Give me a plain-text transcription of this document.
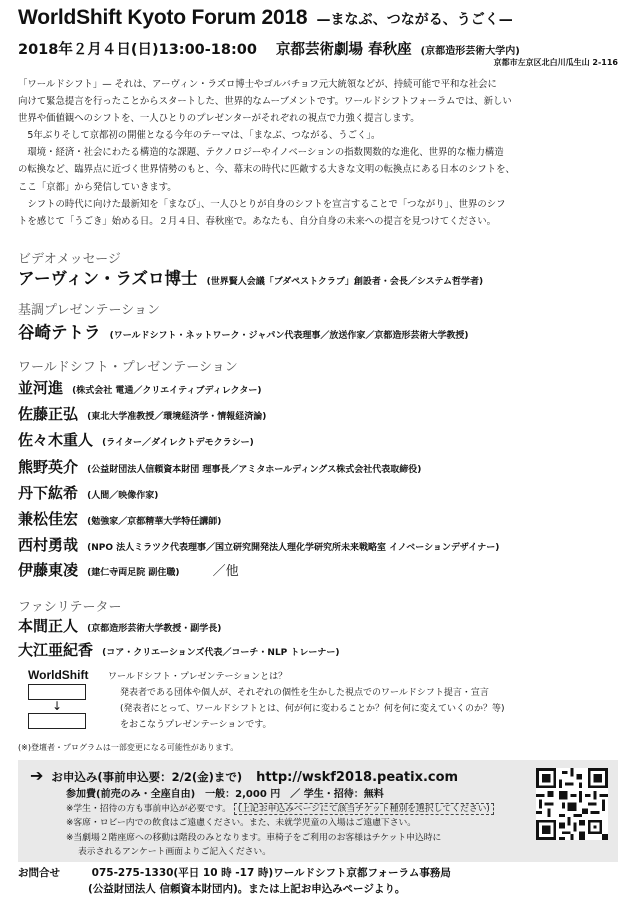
WorldShift Kyoto Forum 2018 —まなぶ、つながる、うごく—
2018年２月４日(日)13:00-18:00 京都芸術劇場 春秋座 (京都造形芸術大学内)
京都市左京区北白川瓜生山 2-116

「ワールドシフト」— それは、アーヴィン・ラズロ博士やゴルバチョフ元大統領などが、持続可能で平和な社会に

向けて緊急提言を行ったことからスタートした、世界的なムーブメントです。ワールドシフトフォーラムでは、新しい

世界や価値観へのシフトを、一人ひとりのプレゼンターがそれぞれの視点で力強く提言します。

5年ぶりそして京都初の開催となる今年のテーマは、「まなぶ、つながる、うごく」。

環境・経済・社会にわたる構造的な課題、テクノロジーやイノベーションの指数関数的な進化、世界的な権力構造

の転換など、臨界点に近づく世界情勢のもと、今、幕末の時代に匹敵する大きな文明の転換点にある日本のシフトを、

ここ「京都」から発信していきます。

シフトの時代に向けた最新知を「まなび」、一人ひとりが自身のシフトを宣言することで「つながり」、世界のシフ

トを感じて「うごき」始める日。２月４日、春秋座で。あなたも、自分自身の未来への提言を見つけてください。

ビデオメッセージ
アーヴィン・ラズロ博士 (世界賢人会議「ブダペストクラブ」創設者・会長／システム哲学者)
基調プレゼンテーション
谷崎テトラ (ワールドシフト・ネットワーク・ジャパン代表理事／放送作家／京都造形芸術大学教授)
ワールドシフト・プレゼンテーション
並河進 (株式会社 電通／クリエイティブディレクター)
佐藤正弘 (東北大学准教授／環境経済学・情報経済論)
佐々木重人 (ライター／ダイレクトデモクラシー)
熊野英介 (公益財団法人信頼資本財団 理事長／アミタホールディングス株式会社代表取締役)
丹下紘希 (人間／映像作家)
兼松佳宏 (勉強家／京都精華大学特任講師)
西村勇哉 (NPO 法人ミラツク代表理事／国立研究開発法人理化学研究所未来戦略室 イノベーションデザイナー)
伊藤東凌 (建仁寺両足院 副住職)	／他
ファシリテーター
本間正人 (京都造形芸術大学教授・副学長)
大江亜紀香 (コア・クリエーションズ代表／コーチ・NLP トレーナー)
WorldShift
↓
ワールドシフト・プレゼンテーションとは？
発表者である団体や個人が、それぞれの個性を生かした視点でのワールドシフト提言・宣言
(発表者にとって、ワールドシフトとは、何が何に変わることか？何を何に変えていくのか？等)
をおこなうプレゼンテーションです。
(※)登壇者・プログラムは一部変更になる可能性があります。
➔ お申込み(事前申込要：2/2(金)まで) http://wskf2018.peatix.com
参加費(前売のみ・全座自由)　一般：2,000 円　／ 学生・招待：無料
※学生・招待の方も事前申込が必要です。 (上記お申込みページにて該当チケット種別を選択してください)
※客席・ロビー内での飲食はご遠慮ください。また、未就学児童の入場はご遠慮下さい。
※当劇場２階座席への移動は階段のみとなります。車椅子をご利用のお客様はチケット申込時に
表示されるアンケート画面よりご記入ください。
お問合せ	075-275-1330(平日 10 時 -17 時)ワールドシフト京都フォーラム事務局
(公益財団法人 信頼資本財団内)。または上記お申込みページより。
